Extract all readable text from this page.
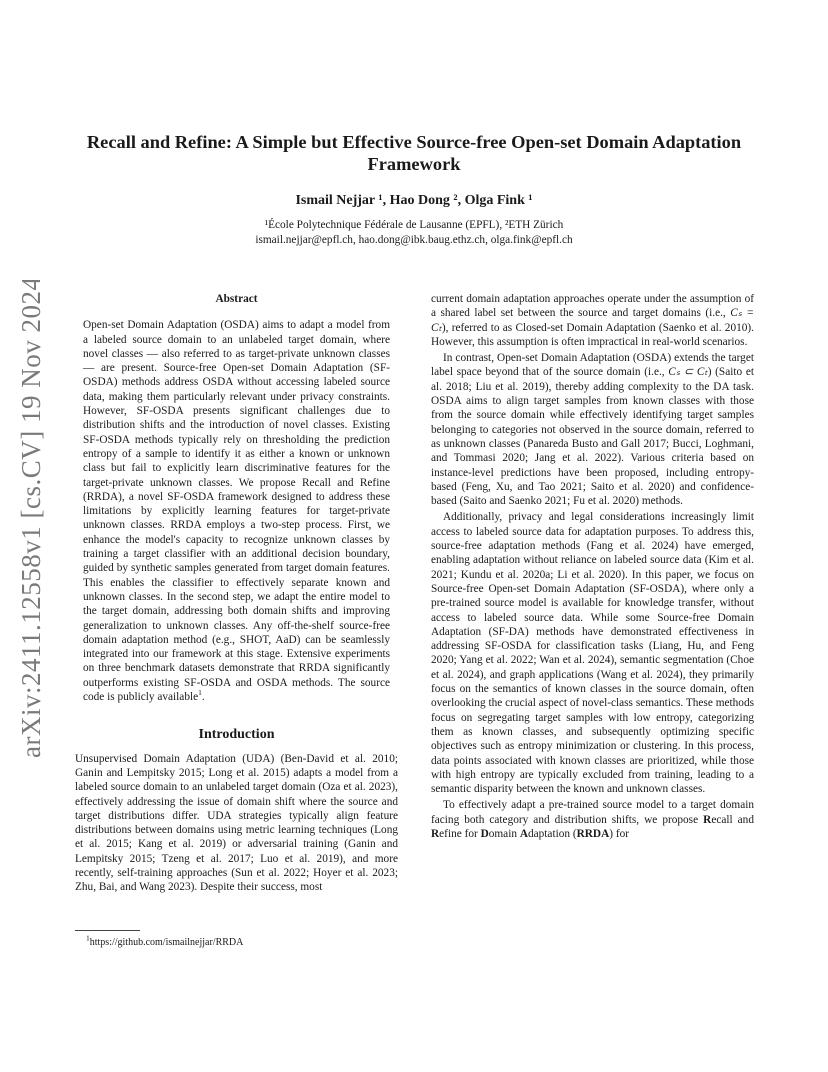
arXiv:2411.12558v1 [cs.CV] 19 Nov 2024
Recall and Refine: A Simple but Effective Source-free Open-set Domain Adaptation Framework
Ismail Nejjar ¹, Hao Dong ², Olga Fink ¹
¹École Polytechnique Fédérale de Lausanne (EPFL), ²ETH Zürich
ismail.nejjar@epfl.ch, hao.dong@ibk.baug.ethz.ch, olga.fink@epfl.ch
Abstract

Open-set Domain Adaptation (OSDA) aims to adapt a model from a labeled source domain to an unlabeled target domain, where novel classes — also referred to as target-private unknown classes — are present. Source-free Open-set Domain Adaptation (SF-OSDA) methods address OSDA without accessing labeled source data, making them particularly relevant under privacy constraints. However, SF-OSDA presents significant challenges due to distribution shifts and the introduction of novel classes. Existing SF-OSDA methods typically rely on thresholding the prediction entropy of a sample to identify it as either a known or unknown class but fail to explicitly learn discriminative features for the target-private unknown classes. We propose Recall and Refine (RRDA), a novel SF-OSDA framework designed to address these limitations by explicitly learning features for target-private unknown classes. RRDA employs a two-step process. First, we enhance the model's capacity to recognize unknown classes by training a target classifier with an additional decision boundary, guided by synthetic samples generated from target domain features. This enables the classifier to effectively separate known and unknown classes. In the second step, we adapt the entire model to the target domain, addressing both domain shifts and improving generalization to unknown classes. Any off-the-shelf source-free domain adaptation method (e.g., SHOT, AaD) can be seamlessly integrated into our framework at this stage. Extensive experiments on three benchmark datasets demonstrate that RRDA significantly outperforms existing SF-OSDA and OSDA methods. The source code is publicly available$^1$.

Introduction

Unsupervised Domain Adaptation (UDA) (Ben-David et al. 2010; Ganin and Lempitsky 2015; Long et al. 2015) adapts a model from a labeled source domain to an unlabeled target domain (Oza et al. 2023), effectively addressing the issue of domain shift where the source and target distributions differ. UDA strategies typically align feature distributions between domains using metric learning techniques (Long et al. 2015; Kang et al. 2019) or adversarial training (Ganin and Lempitsky 2015; Tzeng et al. 2017; Luo et al. 2019), and more recently, self-training approaches (Sun et al. 2022; Hoyer et al. 2023; Zhu, Bai, and Wang 2023). Despite their success, most

current domain adaptation approaches operate under the assumption of a shared label set between the source and target domains (i.e., Cₛ = Cₜ), referred to as Closed-set Domain Adaptation (Saenko et al. 2010). However, this assumption is often impractical in real-world scenarios.

In contrast, Open-set Domain Adaptation (OSDA) extends the target label space beyond that of the source domain (i.e., Cₛ ⊂ Cₜ) (Saito et al. 2018; Liu et al. 2019), thereby adding complexity to the DA task. OSDA aims to align target samples from known classes with those from the source domain while effectively identifying target samples belonging to categories not observed in the source domain, referred to as unknown classes (Panareda Busto and Gall 2017; Bucci, Loghmani, and Tommasi 2020; Jang et al. 2022). Various criteria based on instance-level predictions have been proposed, including entropy-based (Feng, Xu, and Tao 2021; Saito et al. 2020) and confidence-based (Saito and Saenko 2021; Fu et al. 2020) methods.

Additionally, privacy and legal considerations increasingly limit access to labeled source data for adaptation purposes. To address this, source-free adaptation methods (Fang et al. 2024) have emerged, enabling adaptation without reliance on labeled source data (Kim et al. 2021; Kundu et al. 2020a; Li et al. 2020). In this paper, we focus on Source-free Open-set Domain Adaptation (SF-OSDA), where only a pre-trained source model is available for knowledge transfer, without access to labeled source data. While some Source-free Domain Adaptation (SF-DA) methods have demonstrated effectiveness in addressing SF-OSDA for classification tasks (Liang, Hu, and Feng 2020; Yang et al. 2022; Wan et al. 2024), semantic segmentation (Choe et al. 2024), and graph applications (Wang et al. 2024), they primarily focus on the semantics of known classes in the source domain, often overlooking the crucial aspect of novel-class semantics. These methods focus on segregating target samples with low entropy, categorizing them as known classes, and subsequently optimizing specific objectives such as entropy minimization or clustering. In this process, data points associated with known classes are prioritized, while those with high entropy are typically excluded from training, leading to a semantic disparity between the known and unknown classes.

To effectively adapt a pre-trained source model to a target domain facing both category and distribution shifts, we propose Recall and Refine for Domain Adaptation (RRDA) for

$^1$https://github.com/ismailnejjar/RRDA
